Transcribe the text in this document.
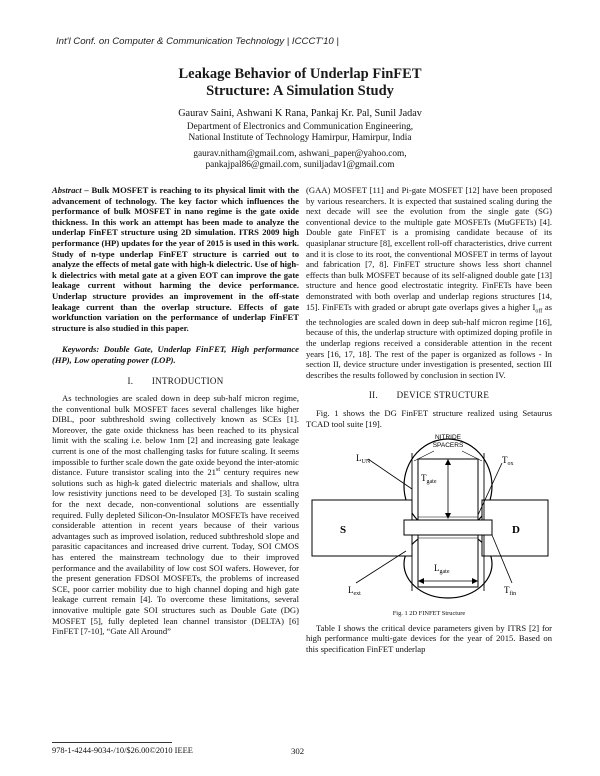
Int'l Conf. on Computer & Communication Technology | ICCCT'10 |
Leakage Behavior of Underlap FinFET
Structure: A Simulation Study
Gaurav Saini, Ashwani K Rana, Pankaj Kr. Pal, Sunil Jadav
Department of Electronics and Communication Engineering,
National Institute of Technology Hamirpur, Hamirpur, India
gaurav.nitham@gmail.com, ashwani_paper@yahoo.com,
pankajpal86@gmail.com, suniljadav1@gmail.com
Abstract – Bulk MOSFET is reaching to its physical limit with the advancement of technology. The key factor which influences the performance of bulk MOSFET in nano regime is the gate oxide thickness. In this work an attempt has been made to analyze the underlap FinFET structure using 2D simulation. ITRS 2009 high performance (HP) updates for the year of 2015 is used in this work. Study of n-type underlap FinFET structure is carried out to analyze the effects of metal gate with high-k dielectric. Use of high-k dielectrics with metal gate at a given EOT can improve the gate leakage current without harming the device performance. Underlap structure provides an improvement in the off-state leakage current than the overlap structure. Effects of gate workfunction variation on the performance of underlap FinFET structure is also studied in this paper.
Keywords: Double Gate, Underlap FinFET, High performance (HP), Low operating power (LOP).
I.  INTRODUCTION

As technologies are scaled down in deep sub-half micron regime, the conventional bulk MOSFET faces several challenges like higher DIBL, poor subthreshold swing collectively known as SCEs [1]. Moreover, the gate oxide thickness has been reached to its physical limit with the scaling i.e. below 1nm [2] and increasing gate leakage current is one of the most challenging tasks for future scaling. It seems impossible to further scale down the gate oxide beyond the inter-atomic distance. Future transistor scaling into the 21st century requires new solutions such as high-k gated dielectric materials and shallow, ultra low resistivity junctions need to be developed [3]. To sustain scaling for the next decade, non-conventional solutions are essentially required. Fully depleted Silicon-On-Insulator MOSFETs have received considerable attention in recent years because of their various advantages such as improved isolation, reduced subthreshold slope and parasitic capacitances and increased drive current. Today, SOI CMOS has entered the mainstream technology due to their improved performance and the availability of low cost SOI wafers. However, for the present generation FDSOI MOSFETs, the problems of increased SCE, poor carrier mobility due to high channel doping and high gate leakage current remain [4]. To overcome these limitations, several innovative multiple gate SOI structures such as Double Gate (DG) MOSFET [5], fully depleted lean channel transistor (DELTA) [6] FinFET [7-10], “Gate All Around”

(GAA) MOSFET [11] and Pi-gate MOSFET [12] have been proposed by various researchers. It is expected that sustained scaling during the next decade will see the evolution from the single gate (SG) conventional device to the multiple gate MOSFETs (MuGFETs) [4]. Double gate FinFET is a promising candidate because of its quasiplanar structure [8], excellent roll-off characteristics, drive current and it is close to its root, the conventional MOSFET in terms of layout and fabrication [7, 8]. FinFET structure shows less short channel effects than bulk MOSFET because of its self-aligned double gate [13] structure and hence good electrostatic integrity. FinFETs have been demonstrated with both overlap and underlap regions structures [14, 15]. FinFETs with graded or abrupt gate overlaps gives a higher $I_{off}$ as the technologies are scaled down in deep sub-half micron regime [16], because of this, the underlap structure with optimized doping profile in the underlap regions received a considerable attention in the recent years [16, 17, 18]. The rest of the paper is organized as follows - In section II, device structure under investigation is presented, section III describes the results followed by conclusion in section IV.

II.  DEVICE STRUCTURE

Fig. 1 shows the DG FinFET structure realized using Setaurus TCAD tool suite [19].

NITRIDE
SPACERS
$L_{UN}$
$T_{gate}$
$T_{ox}$
S	D
$L_{gate}$
$L_{ext}$	$T_{fin}$
Fig. 1 2D FINFET Structure

Table I shows the critical device parameters given by ITRS [2] for high performance multi-gate devices for the year of 2015. Based on this specification FinFET underlap

978-1-4244-9034-/10/$26.00©2010 IEEE	302
